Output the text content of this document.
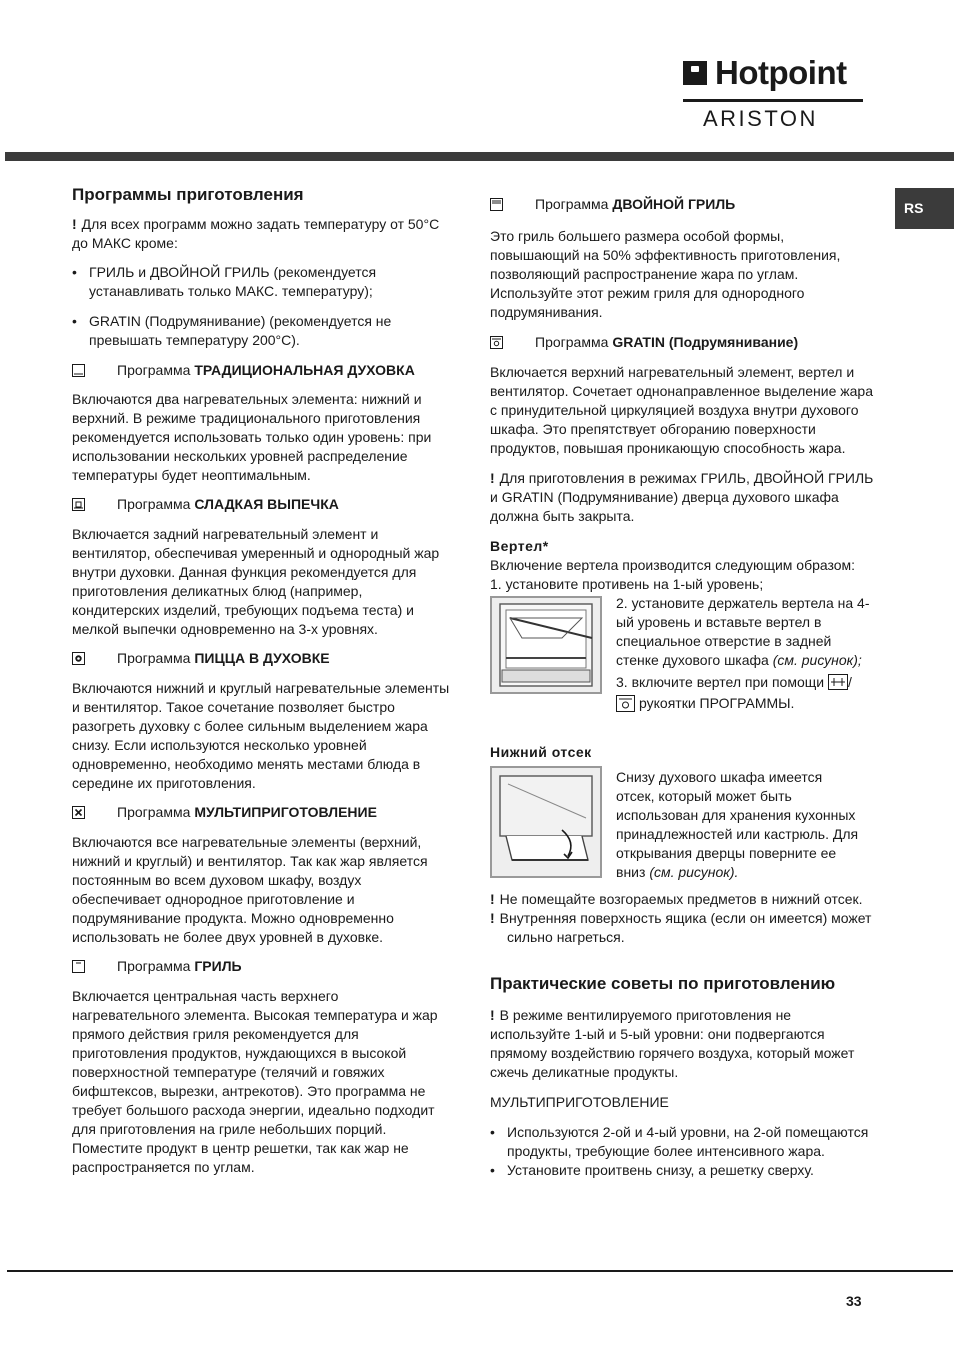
Hotpoint
ARISTON
RS
Программы приготовления

! Для всех программ можно задать температуру от 50°С до МАКС кроме:

• ГРИЛЬ и ДВОЙНОЙ ГРИЛЬ (рекомендуется устанавливать только МАКС. температуру);
• GRATIN (Подрумянивание) (рекомендуется не превышать температуру 200°С).
Программа ТРАДИЦИОНАЛЬНАЯ ДУХОВКА

Включаются два нагревательных элемента: нижний и верхний. В режиме традиционального приготовления рекомендуется использовать только один уровень: при использовании нескольких уровней распределение температуры будет неоптимальным.

Программа СЛАДКАЯ ВЫПЕЧКА

Включается задний нагревательный элемент и вентилятор, обеспечивая умеренный и однородный жар внутри духовки. Данная функция рекомендуется для приготовления деликатных блюд (например, кондитерских изделий, требующих подъема теста) и мелкой выпечки одновременно на 3-х уровнях.

Программа ПИЦЦА В ДУХОВКЕ

Включаются нижний и круглый нагревательные элементы и вентилятор. Такое сочетание позволяет быстро разогреть духовку с более сильным выделением жара снизу. Если используются несколько уровней одновременно, необходимо менять местами блюда в середине их приготовления.

Программа МУЛЬТИПРИГОТОВЛЕНИЕ

Включаются все нагревательные элементы (верхний, нижний и круглый) и вентилятор. Так как жар является постоянным во всем духовом шкафу, воздух обеспечивает однородное приготовление и подрумянивание продукта. Можно одновременно использовать не более двух уровней в духовке.

Программа ГРИЛЬ

Включается центральная часть верхнего нагревательного элемента. Высокая температура и жар прямого действия гриля рекомендуется для приготовления продуктов, нуждающихся в высокой поверхностной температуре (телячий и говяжих бифштексов, вырезки, антрекотов). Это программа не требует большого расхода энергии, идеально подходит для приготовления на гриле небольших порций. Поместите продукт в центр решетки, так как жар не распространяется по углам.

Программа ДВОЙНОЙ ГРИЛЬ

Это гриль большего размера особой формы, повышающий на 50% эффективность приготовления, позволяющий распространение жара по углам. Используйте этот режим гриля для однородного подрумянивания.

Программа GRATIN (Подрумянивание)

Включается верхний нагревательный элемент, вертел и вентилятор. Сочетает однонаправленное выделение жара с принудительной циркуляцией воздуха внутри духового шкафа. Это препятствует обгоранию поверхности продуктов, повышая проникающую способность жара.

! Для приготовления в режимах ГРИЛЬ, ДВОЙНОЙ ГРИЛЬ и GRATIN (Подрумянивание) дверца духового шкафа должна быть закрыта.

Вертел*

Включение вертела производится следующим образом:

1. установите противень на 1-ый уровень;

2. установите держатель вертела на 4-

ый уровень и вставьте вертел в

специальное отверстие в задней

стенке духового шкафа (см. рисунок);

3. включите вертел при помощи /

рукоятки ПРОГРАММЫ.

Нижний отсек

Снизу духового шкафа имеется

отсек, который может быть

использован для хранения кухонных

принадлежностей или кастрюль. Для

открывания дверцы поверните ее

вниз (см. рисунок).

! Не помещайте возгораемых предметов в нижний отсек.

! Внутренняя поверхность ящика (если он имеется) может сильно нагреться.

Практические советы по приготовлению

! В режиме вентилируемого приготовления не используйте 1-ый и 5-ый уровни: они подвергаются прямому воздействию горячего воздуха, который может сжечь деликатные продукты.

МУЛЬТИПРИГОТОВЛЕНИЕ

• Используются 2-ой и 4-ый уровни, на 2-ой помещаются продукты, требующие более интенсивного жара.
• Установите проитвень снизу, а решетку сверху.
33
